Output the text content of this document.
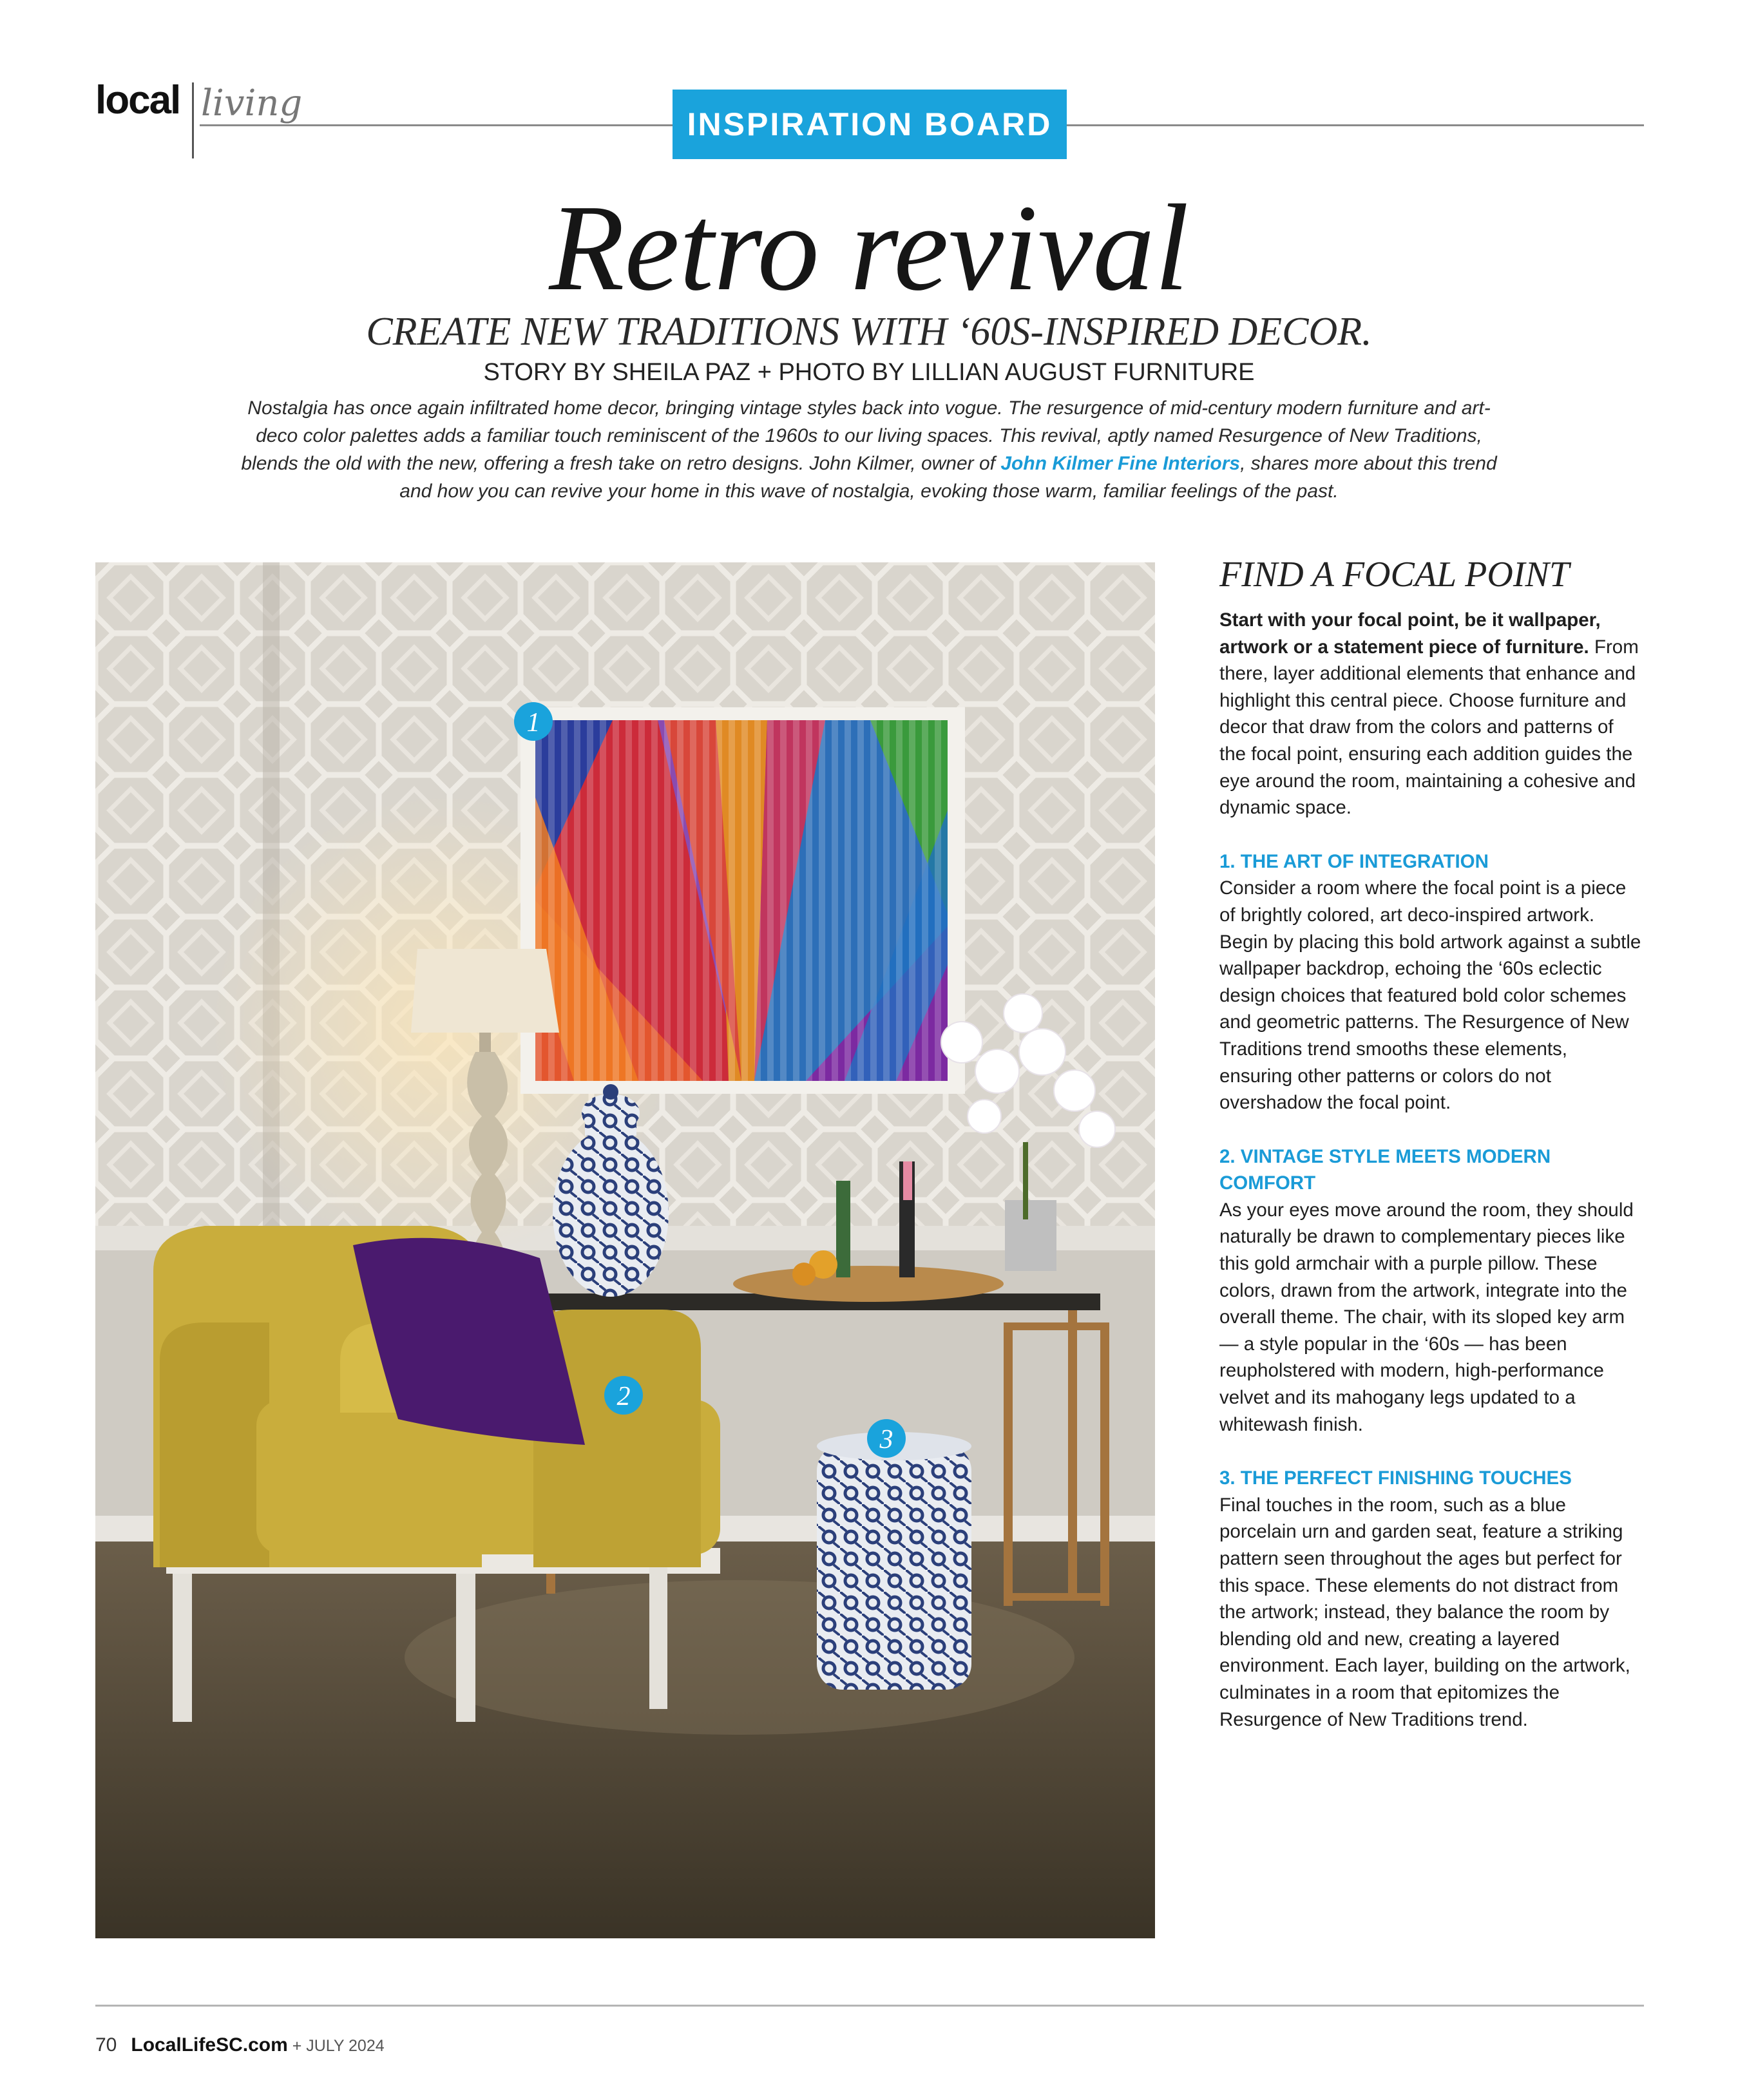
local living	INSPIRATION BOARD
Retro revival
CREATE NEW TRADITIONS WITH ‘60S-INSPIRED DECOR.
STORY BY SHEILA PAZ + PHOTO BY LILLIAN AUGUST FURNITURE
Nostalgia has once again infiltrated home decor, bringing vintage styles back into vogue. The resurgence of mid-century modern furniture and art-deco color palettes adds a familiar touch reminiscent of the 1960s to our living spaces. This revival, aptly named Resurgence of New Traditions, blends the old with the new, offering a fresh take on retro designs. John Kilmer, owner of John Kilmer Fine Interiors, shares more about this trend and how you can revive your home in this wave of nostalgia, evoking those warm, familiar feelings of the past.
1
2
3
FIND A FOCAL POINT

Start with your focal point, be it wallpaper, artwork or a statement piece of furniture. From there, layer additional elements that enhance and highlight this central piece. Choose furniture and decor that draw from the colors and patterns of the focal point, ensuring each addition guides the eye around the room, maintaining a cohesive and dynamic space.

1. THE ART OF INTEGRATION

Consider a room where the focal point is a piece of brightly colored, art deco-inspired artwork. Begin by placing this bold artwork against a subtle wallpaper backdrop, echoing the ‘60s eclectic design choices that featured bold color schemes and geometric patterns. The Resurgence of New Traditions trend smooths these elements, ensuring other patterns or colors do not overshadow the focal point.

2. VINTAGE STYLE MEETS MODERN COMFORT

As your eyes move around the room, they should naturally be drawn to complementary pieces like this gold armchair with a purple pillow. These colors, drawn from the artwork, integrate into the overall theme. The chair, with its sloped key arm — a style popular in the ‘60s — has been reupholstered with modern, high-performance velvet and its mahogany legs updated to a whitewash finish.

3. THE PERFECT FINISHING TOUCHES

Final touches in the room, such as a blue porcelain urn and garden seat, feature a striking pattern seen throughout the ages but perfect for this space. These elements do not distract from the artwork; instead, they balance the room by blending old and new, creating a layered environment. Each layer, building on the artwork, culminates in a room that epitomizes the Resurgence of New Traditions trend.

70 LocalLifeSC.com + JULY 2024
